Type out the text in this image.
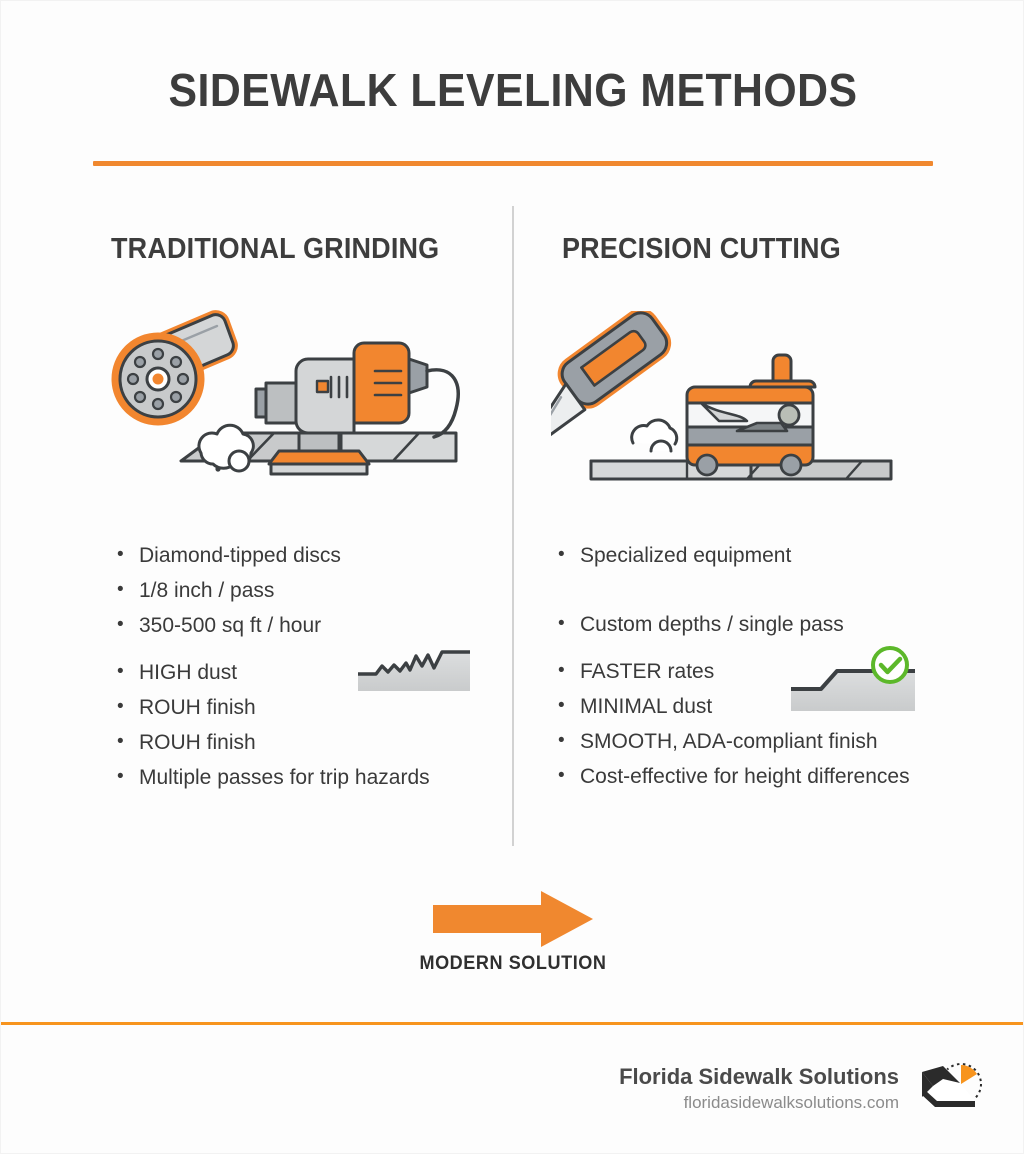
SIDEWALK LEVELING METHODS
TRADITIONAL GRINDING	PRECISION CUTTING
• Diamond-tipped discs
• 1/8 inch / pass
• 350-500 sq ft / hour
• HIGH dust
• ROUH finish
• ROUH finish
• Multiple passes for trip hazards
• Specialized equipment
• Custom depths / single pass
• FASTER rates
• MINIMAL dust
• SMOOTH, ADA-compliant finish
• Cost-effective for height differences
MODERN SOLUTION
Florida Sidewalk Solutions
floridasidewalksolutions.com
